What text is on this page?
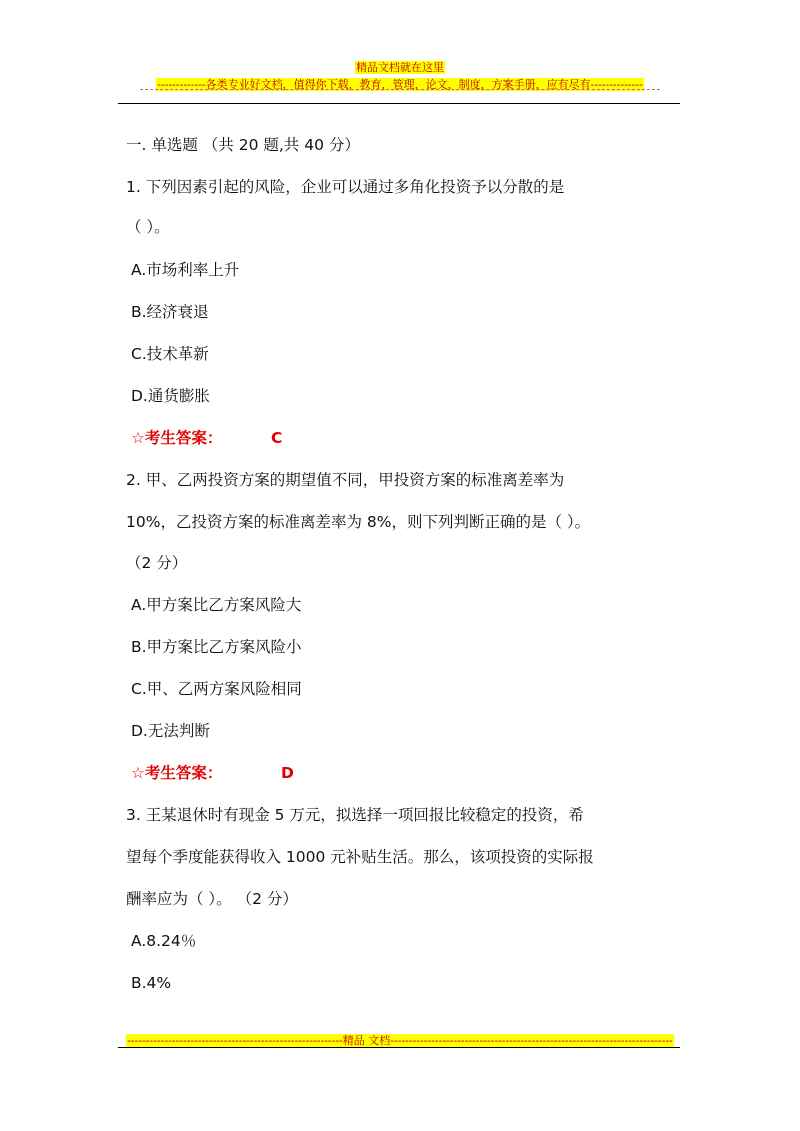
精品文档就在这里
-------------各类专业好文档，值得你下载，教育，管理，论文，制度，方案手册，应有尽有--------------
一. 单选题 （共 20 题,共 40 分）
1. 下列因素引起的风险，企业可以通过多角化投资予以分散的是
（ ）。
A.市场利率上升
B.经济衰退
C.技术革新
D.通货膨胀
☆考生答案：	C
2. 甲、乙两投资方案的期望值不同，甲投资方案的标准离差率为
10%，乙投资方案的标准离差率为 8%，则下列判断正确的是（ ）。
（2 分）
A.甲方案比乙方案风险大
B.甲方案比乙方案风险小
C.甲、乙两方案风险相同
D.无法判断
☆考生答案：	D
3. 王某退休时有现金 5 万元，拟选择一项回报比较稳定的投资，希
望每个季度能获得收入 1000 元补贴生活。那么，该项投资的实际报
酬率应为（ ）。 （2 分）
A.8.24％
B.4%
----------------------------------------------------------精品 文档----------------------------------------------------------------------------
